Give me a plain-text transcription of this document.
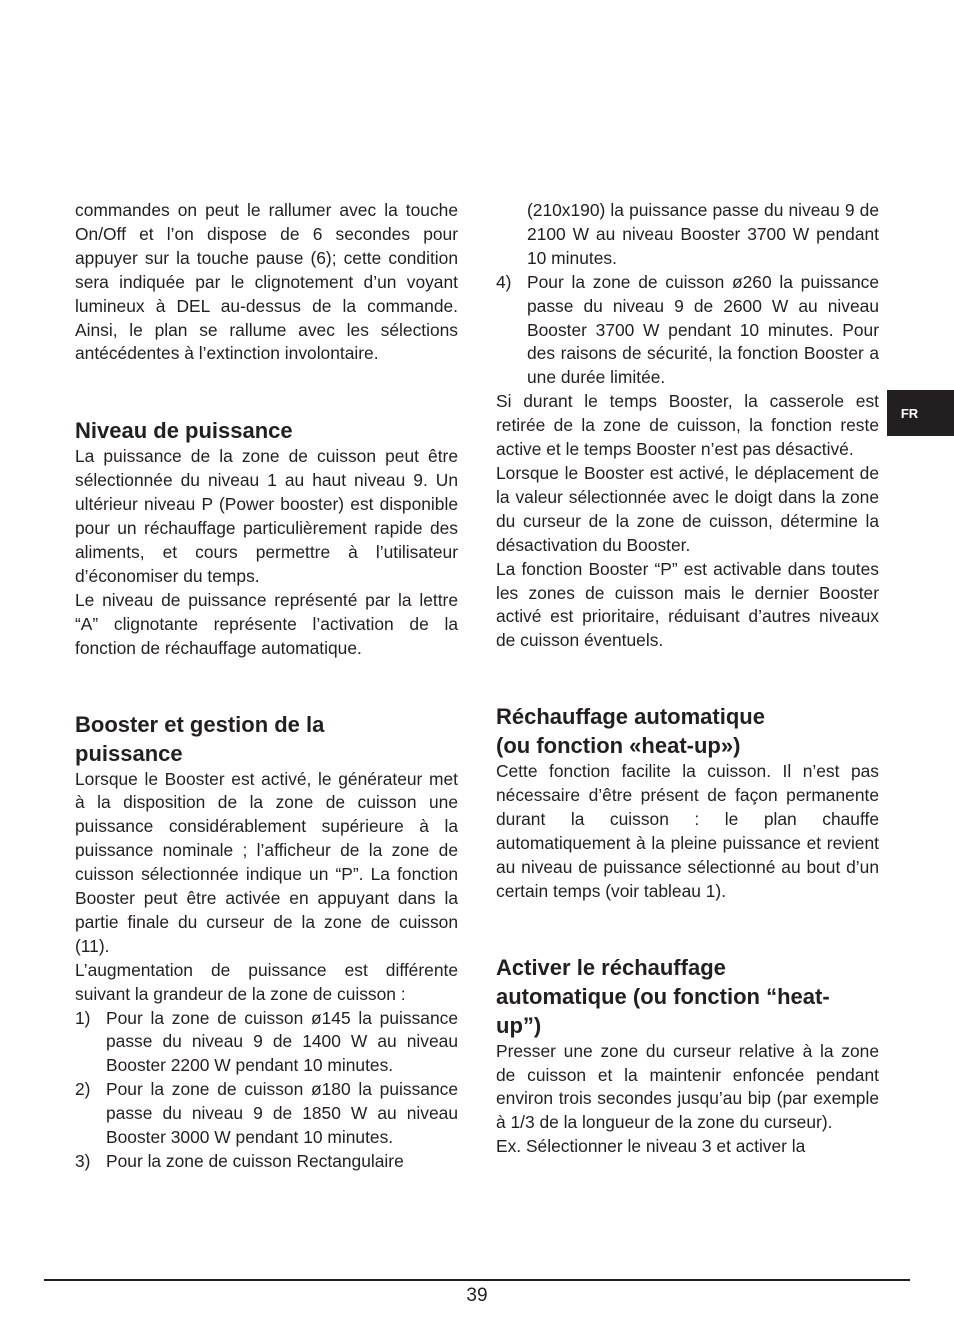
commandes on peut le rallumer avec la touche On/Off et l’on dispose de 6 secondes pour appuyer sur la touche pause (6); cette condition sera indiquée par le clignotement d’un voyant lumineux à DEL au-dessus de la commande. Ainsi, le plan se rallume avec les sélections antécédentes à l’extinction involontaire.

Niveau de puissance

La puissance de la zone de cuisson peut être sélectionnée du niveau 1 au haut niveau 9. Un ultérieur niveau P (Power booster) est disponible pour un réchauffage particulièrement rapide des aliments, et cours permettre à l’utilisateur d’économiser du temps.

Le niveau de puissance représenté par la lettre “A” clignotante représente l’activation de la fonction de réchauffage automatique.

Booster et gestion de la
puissance

Lorsque le Booster est activé, le générateur met à la disposition de la zone de cuisson une puissance considérablement supérieure à la puissance nominale ; l’afficheur de la zone de cuisson sélectionnée indique un “P”. La fonction Booster peut être activée en appuyant dans la partie finale du curseur de la zone de cuisson (11).

L’augmentation de puissance est différente suivant la grandeur de la zone de cuisson :

1) Pour la zone de cuisson ø145 la puissance passe du niveau 9 de 1400 W au niveau Booster 2200 W pendant 10 minutes.
2) Pour la zone de cuisson ø180 la puissance passe du niveau 9 de 1850 W au niveau Booster 3000 W pendant 10 minutes.
3) Pour la zone de cuisson Rectangulaire

(210x190) la puissance passe du niveau 9 de 2100 W au niveau Booster 3700 W pendant 10 minutes.

4) Pour la zone de cuisson ø260 la puissance passe du niveau 9 de 2600 W au niveau Booster 3700 W pendant 10 minutes. Pour des raisons de sécurité, la fonction Booster a une durée limitée.

Si durant le temps Booster, la casserole est retirée de la zone de cuisson, la fonction reste active et le temps Booster n’est pas désactivé.

Lorsque le Booster est activé, le déplacement de la valeur sélectionnée avec le doigt dans la zone du curseur de la zone de cuisson, détermine la désactivation du Booster.

La fonction Booster “P” est activable dans toutes les zones de cuisson mais le dernier Booster activé est prioritaire, réduisant d’autres niveaux de cuisson éventuels.

Réchauffage automatique
(ou fonction «heat-up»)

Cette fonction facilite la cuisson. Il n’est pas nécessaire d’être présent de façon permanente durant la cuisson : le plan chauffe automatiquement à la pleine puissance et revient au niveau de puissance sélectionné au bout d’un certain temps (voir tableau 1).

Activer le réchauffage
automatique (ou fonction “heat-
up”)

Presser une zone du curseur relative à la zone de cuisson et la maintenir enfoncée pendant environ trois secondes jusqu’au bip (par exemple à 1/3 de la longueur de la zone du curseur).

Ex. Sélectionner le niveau 3 et activer la

FR
39
